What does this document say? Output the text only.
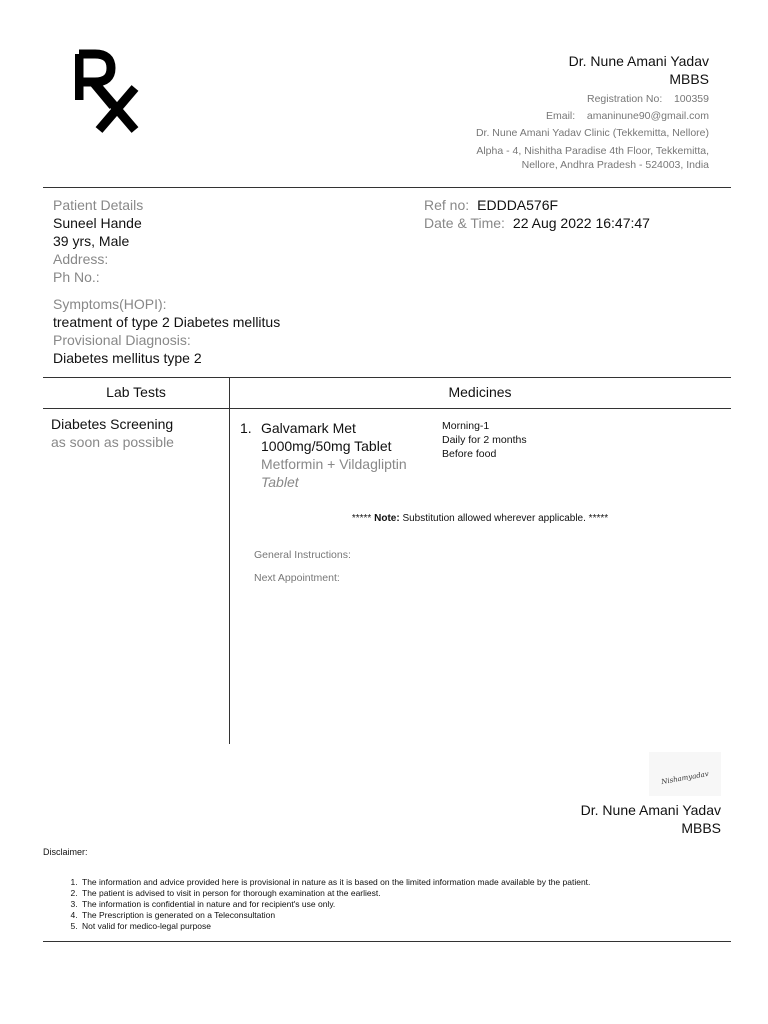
Dr. Nune Amani Yadav
MBBS
Registration No: 100359
Email: amaninune90@gmail.com
Dr. Nune Amani Yadav Clinic (Tekkemitta, Nellore)
Alpha - 4, Nishitha Paradise 4th Floor, Tekkemitta,
Nellore, Andhra Pradesh - 524003, India
Patient Details
Suneel Hande
39 yrs, Male
Address:
Ph No.:
Ref no: EDDDA576F
Date & Time: 22 Aug 2022 16:47:47
Symptoms(HOPI):
treatment of type 2 Diabetes mellitus
Provisional Diagnosis:
Diabetes mellitus type 2
Lab Tests	Medicines
Diabetes Screening
as soon as possible
1. Galvamark Met
1000mg/50mg Tablet
Metformin + Vildagliptin
Tablet
Morning-1
Daily for 2 months
Before food
***** Note: Substitution allowed wherever applicable. *****
General Instructions:
Next Appointment:
Nishamyadav
Dr. Nune Amani Yadav
MBBS
Disclaimer:
1. The information and advice provided here is provisional in nature as it is based on the limited information made available by the patient.
2. The patient is advised to visit in person for thorough examination at the earliest.
3. The information is confidential in nature and for recipient's use only.
4. The Prescription is generated on a Teleconsultation
5. Not valid for medico-legal purpose
